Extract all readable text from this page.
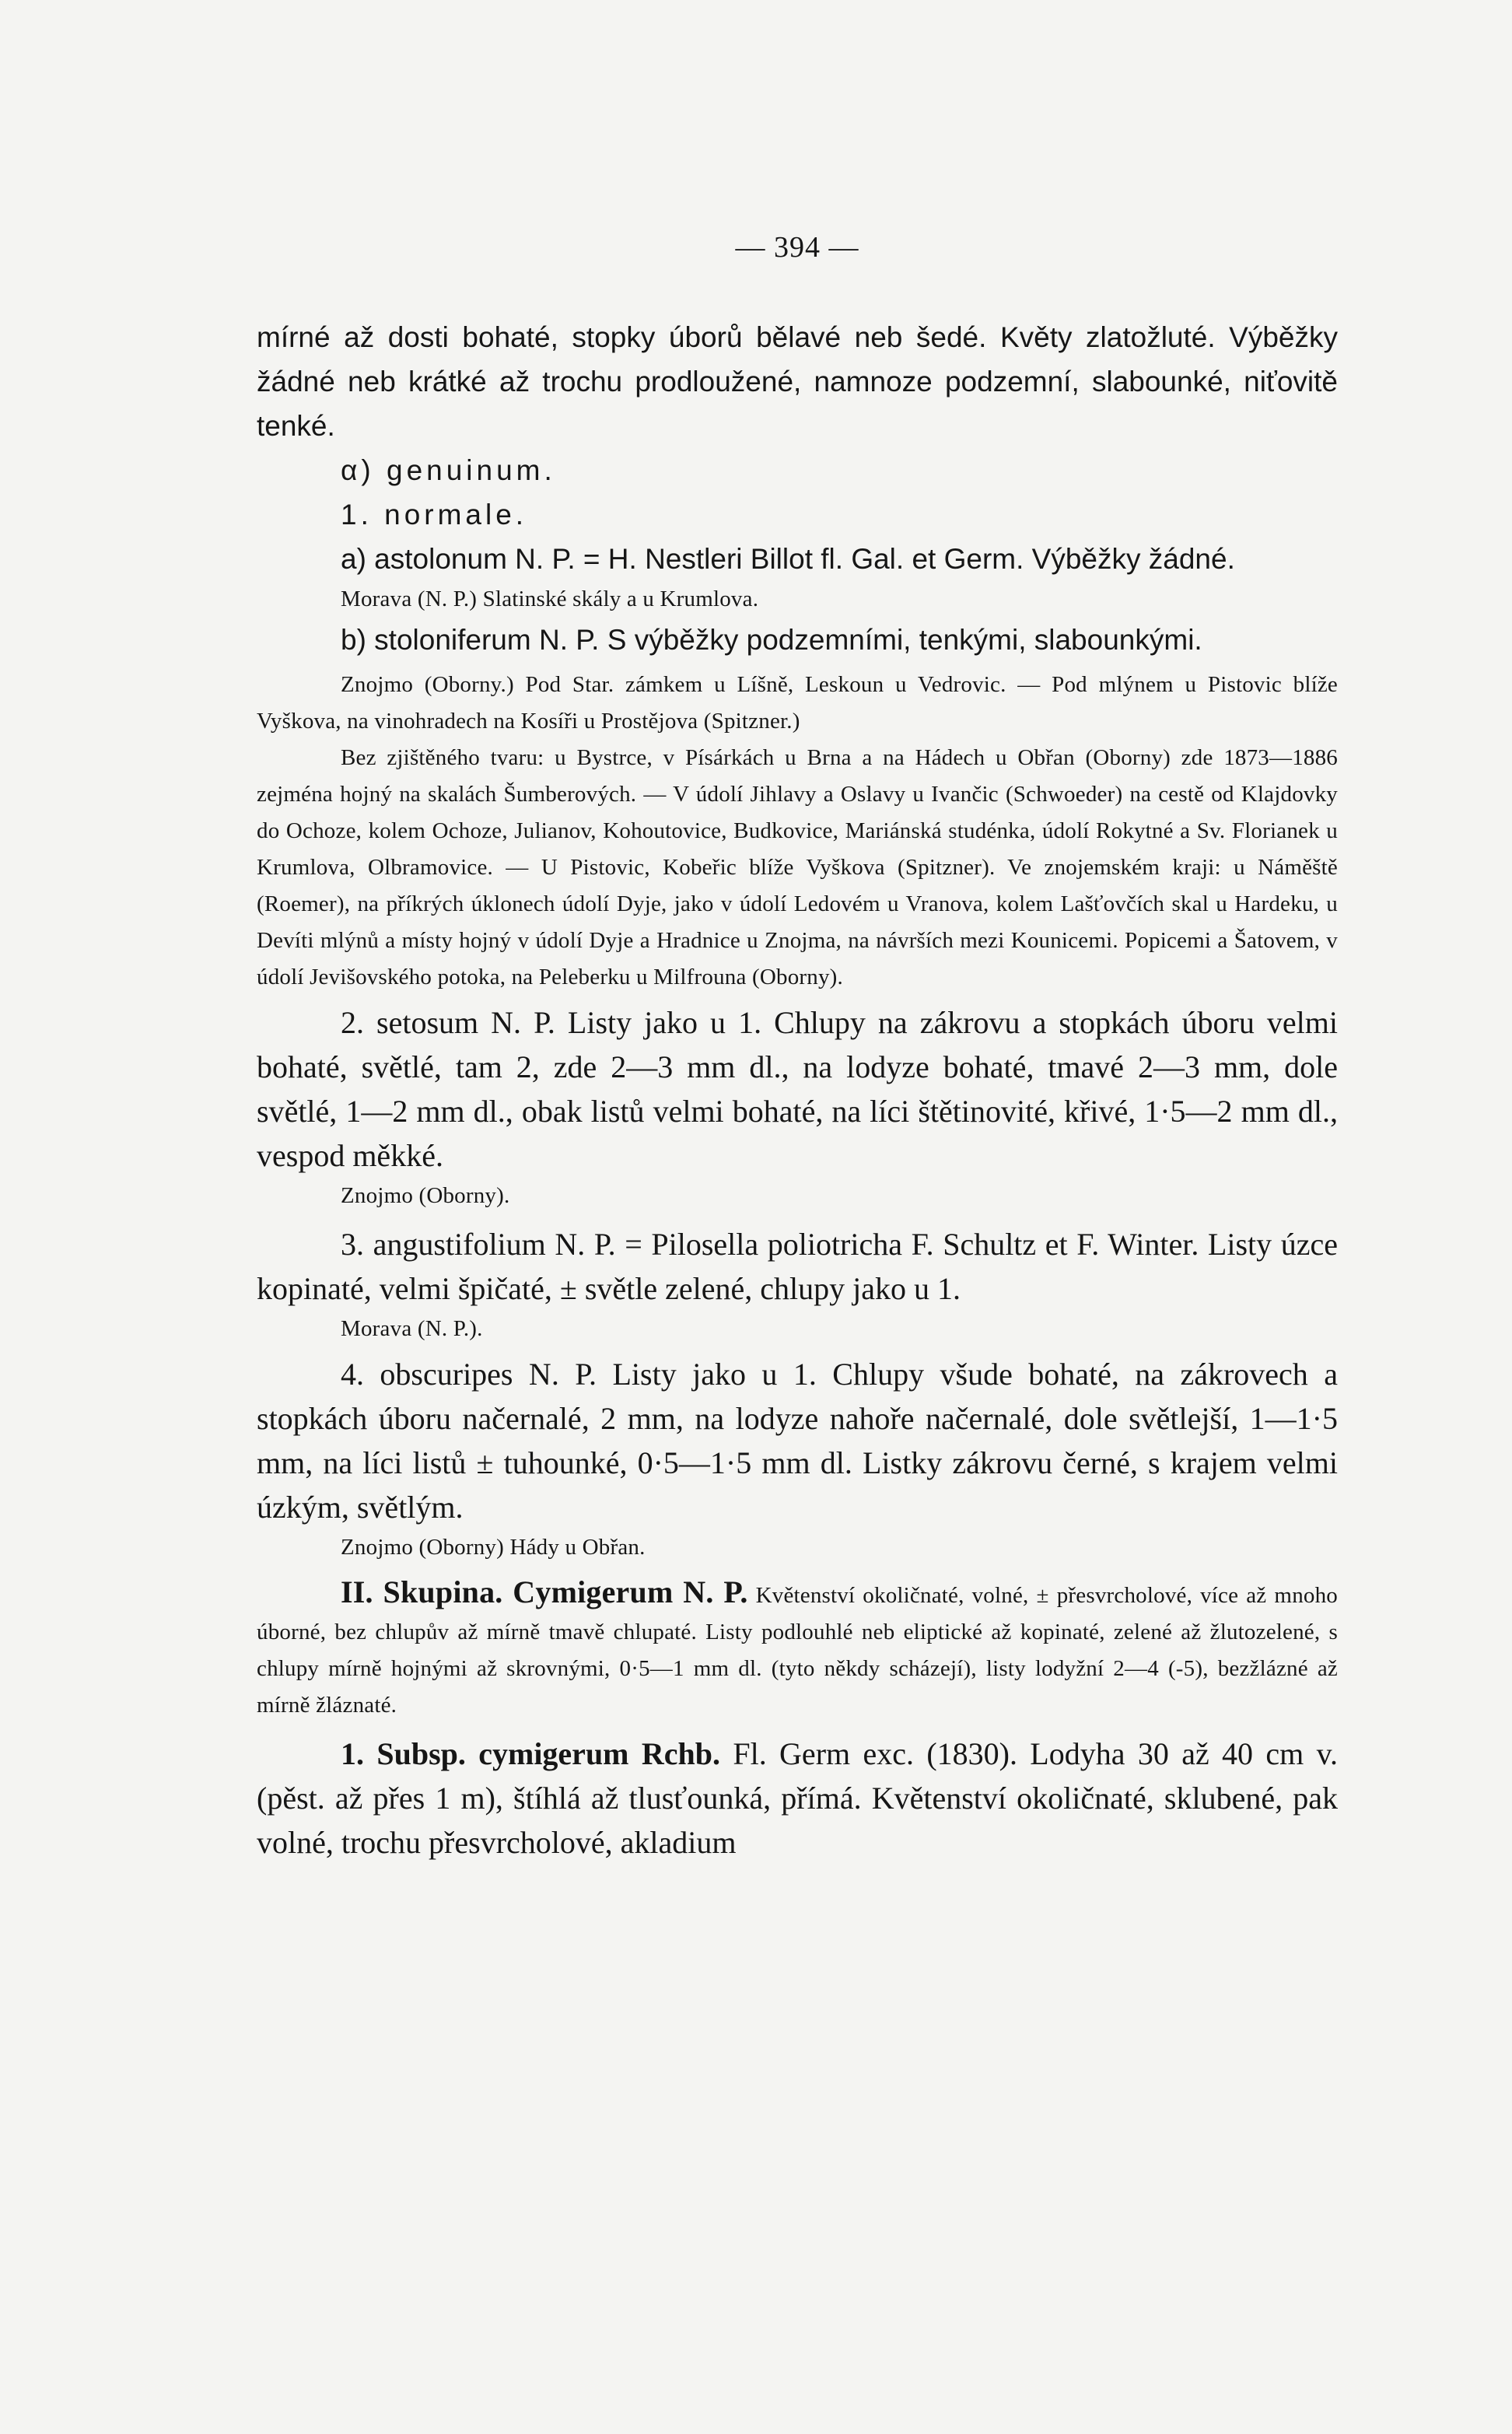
— 394 —

mírné až dosti bohaté, stopky úborů bělavé neb šedé. Květy zlatožluté. Výběžky žádné neb krátké až trochu prodloužené, namnoze podzemní, slabounké, niťovitě tenké.

α) genuinum.

1. normale.

a) astolonum N. P. = H. Nestleri Billot fl. Gal. et Germ. Výběžky žádné.

Morava (N. P.) Slatinské skály a u Krumlova.

b) stoloniferum N. P. S výběžky podzemními, tenkými, slabounkými.

Znojmo (Oborny.) Pod Star. zámkem u Líšně, Leskoun u Vedrovic. — Pod mlýnem u Pistovic blíže Vyškova, na vinohradech na Kosíři u Prostějova (Spitzner.)

Bez zjištěného tvaru: u Bystrce, v Písárkách u Brna a na Hádech u Obřan (Oborny) zde 1873—1886 zejména hojný na skalách Šumberových. — V údolí Jihlavy a Oslavy u Ivančic (Schwoeder) na cestě od Klajdovky do Ochoze, kolem Ochoze, Julianov, Kohoutovice, Budkovice, Mariánská studénka, údolí Rokytné a Sv. Florianek u Krumlova, Olbramovice. — U Pistovic, Kobeřic blíže Vyškova (Spitzner). Ve znojemském kraji: u Náměště (Roemer), na příkrých úklonech údolí Dyje, jako v údolí Ledovém u Vranova, kolem Lašťovčích skal u Hardeku, u Devíti mlýnů a místy hojný v údolí Dyje a Hradnice u Znojma, na návrších mezi Kounicemi. Popicemi a Šatovem, v údolí Jevišovského potoka, na Peleberku u Milfrouna (Oborny).

2. setosum N. P. Listy jako u 1. Chlupy na zákrovu a stopkách úboru velmi bohaté, světlé, tam 2, zde 2—3 mm dl., na lodyze bohaté, tmavé 2—3 mm, dole světlé, 1—2 mm dl., obak listů velmi bohaté, na líci štětinovité, křivé, 1·5—2 mm dl., vespod měkké.

Znojmo (Oborny).

3. angustifolium N. P. = Pilosella poliotricha F. Schultz et F. Winter. Listy úzce kopinaté, velmi špičaté, ± světle zelené, chlupy jako u 1.

Morava (N. P.).

4. obscuripes N. P. Listy jako u 1. Chlupy všude bohaté, na zákrovech a stopkách úboru načernalé, 2 mm, na lodyze nahoře načernalé, dole světlejší, 1—1·5 mm, na líci listů ± tuhounké, 0·5—1·5 mm dl. Listky zákrovu černé, s krajem velmi úzkým, světlým.

Znojmo (Oborny) Hády u Obřan.

II. Skupina. Cymigerum N. P. Květenství okoličnaté, volné, ± přesvrcholové, více až mnoho úborné, bez chlupův až mírně tmavě chlupaté. Listy podlouhlé neb eliptické až kopinaté, zelené až žlutozelené, s chlupy mírně hojnými až skrovnými, 0·5—1 mm dl. (tyto někdy scházejí), listy lodyžní 2—4 (-5), bezžlázné až mírně žláznaté.

1. Subsp. cymigerum Rchb. Fl. Germ exc. (1830). Lodyha 30 až 40 cm v. (pěst. až přes 1 m), štíhlá až tlusťounká, přímá. Květenství okoličnaté, sklubené, pak volné, trochu přesvrcholové, akladium
